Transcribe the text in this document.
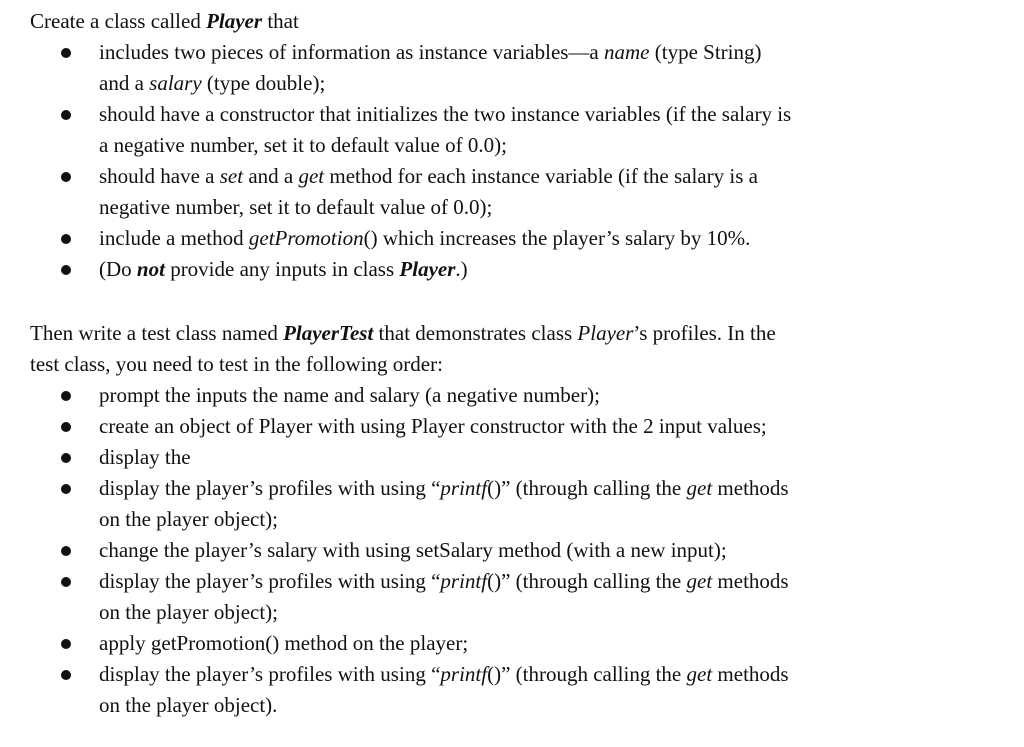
Create a class called Player that

includes two pieces of information as instance variables—a name (type String)
and a salary (type double);
should have a constructor that initializes the two instance variables (if the salary is
a negative number, set it to default value of 0.0);
should have a set and a get method for each instance variable (if the salary is a
negative number, set it to default value of 0.0);
include a method getPromotion() which increases the player’s salary by 10%.
(Do not provide any inputs in class Player.)

Then write a test class named PlayerTest that demonstrates class Player’s profiles. In the
test class, you need to test in the following order:

prompt the inputs the name and salary (a negative number);
create an object of Player with using Player constructor with the 2 input values;
display the
display the player’s profiles with using “printf()” (through calling the get methods
on the player object);
change the player’s salary with using setSalary method (with a new input);
display the player’s profiles with using “printf()” (through calling the get methods
on the player object);
apply getPromotion() method on the player;
display the player’s profiles with using “printf()” (through calling the get methods
on the player object).
